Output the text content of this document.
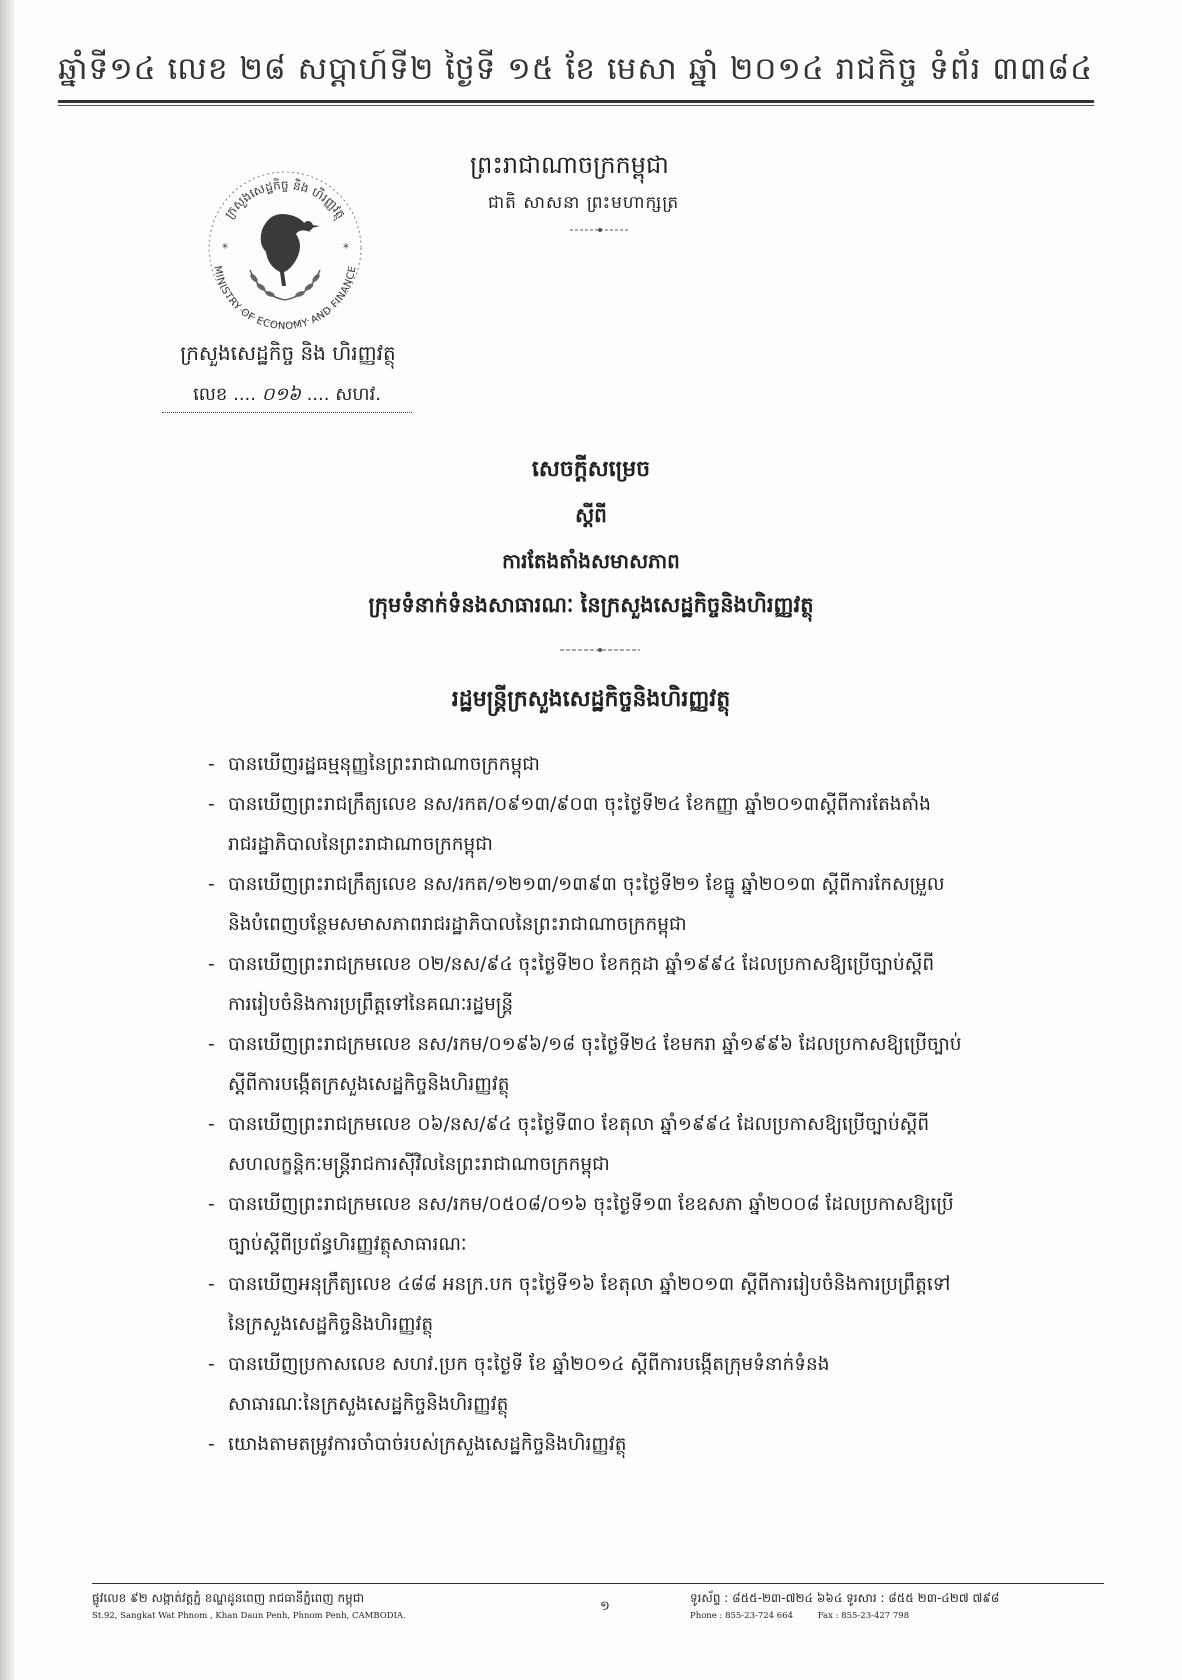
ឆ្នាំទី១៤ លេខ ២៨ សប្តាហ៍ទី២ ថ្ងៃទី ១៥ ខែ មេសា ឆ្នាំ ២០១៤ រាជកិច្ច ទំព័រ ៣៣៨៤
ក្រសួងសេដ្ឋកិច្ច និង ហិរញ្ញវត្ថុ
MINISTRY OF ECONOMY AND FINANCE
*	*
ក្រសួងសេដ្ឋកិច្ច និង ហិរញ្ញវត្ថុ
លេខ .... ០១៦ .... សហវ.
ព្រះរាជាណាចក្រកម្ពុជា
ជាតិ សាសនា ព្រះមហាក្សត្រ
សេចក្តីសម្រេច
ស្តីពី
ការតែងតាំងសមាសភាព
ក្រុមទំនាក់ទំនងសាធារណៈ នៃក្រសួងសេដ្ឋកិច្ចនិងហិរញ្ញវត្ថុ
រដ្ឋមន្ត្រីក្រសួងសេដ្ឋកិច្ចនិងហិរញ្ញវត្ថុ
- បានឃើញរដ្ឋធម្មនុញ្ញនៃព្រះរាជាណាចក្រកម្ពុជា
- បានឃើញព្រះរាជក្រឹត្យលេខ នស/រកត/០៩១៣/៩០៣ ចុះថ្ងៃទី២៤ ខែកញ្ញា ឆ្នាំ២០១៣ស្តីពីការតែងតាំង
រាជរដ្ឋាភិបាលនៃព្រះរាជាណាចក្រកម្ពុជា
- បានឃើញព្រះរាជក្រឹត្យលេខ នស/រកត/១២១៣/១៣៩៣ ចុះថ្ងៃទី២១ ខែធ្នូ ឆ្នាំ២០១៣ ស្តីពីការកែសម្រួល
និងបំពេញបន្ថែមសមាសភាពរាជរដ្ឋាភិបាលនៃព្រះរាជាណាចក្រកម្ពុជា
- បានឃើញព្រះរាជក្រមលេខ ០២/នស/៩៤ ចុះថ្ងៃទី២០ ខែកក្កដា ឆ្នាំ១៩៩៤ ដែលប្រកាសឱ្យប្រើច្បាប់ស្តីពី
ការរៀបចំនិងការប្រព្រឹត្តទៅនៃគណៈរដ្ឋមន្ត្រី
- បានឃើញព្រះរាជក្រមលេខ នស/រកម/០១៩៦/១៨ ចុះថ្ងៃទី២៤ ខែមករា ឆ្នាំ១៩៩៦ ដែលប្រកាសឱ្យប្រើច្បាប់
ស្តីពីការបង្កើតក្រសួងសេដ្ឋកិច្ចនិងហិរញ្ញវត្ថុ
- បានឃើញព្រះរាជក្រមលេខ ០៦/នស/៩៤ ចុះថ្ងៃទី៣០ ខែតុលា ឆ្នាំ១៩៩៤ ដែលប្រកាសឱ្យប្រើច្បាប់ស្តីពី
សហលក្ខន្តិកៈមន្ត្រីរាជការស៊ីវិលនៃព្រះរាជាណាចក្រកម្ពុជា
- បានឃើញព្រះរាជក្រមលេខ នស/រកម/០៥០៨/០១៦ ចុះថ្ងៃទី១៣ ខែឧសភា ឆ្នាំ២០០៨ ដែលប្រកាសឱ្យប្រើ
ច្បាប់ស្តីពីប្រព័ន្ធហិរញ្ញវត្ថុសាធារណៈ
- បានឃើញអនុក្រឹត្យលេខ ៤៨៨ អនក្រ.បក ចុះថ្ងៃទី១៦ ខែតុលា ឆ្នាំ២០១៣ ស្តីពីការរៀបចំនិងការប្រព្រឹត្តទៅ
នៃក្រសួងសេដ្ឋកិច្ចនិងហិរញ្ញវត្ថុ
- បានឃើញប្រកាសលេខ សហវ.ប្រក ចុះថ្ងៃទី ខែ ឆ្នាំ២០១៤ ស្តីពីការបង្កើតក្រុមទំនាក់ទំនង
សាធារណៈនៃក្រសួងសេដ្ឋកិច្ចនិងហិរញ្ញវត្ថុ
- យោងតាមតម្រូវការចាំបាច់របស់ក្រសួងសេដ្ឋកិច្ចនិងហិរញ្ញវត្ថុ
ផ្លូវលេខ ៩២ សង្កាត់វត្តភ្នំ ខណ្ឌដូនពេញ រាជធានីភ្នំពេញ កម្ពុជា
St.92, Sangkat Wat Phnom , Khan Daun Penh, Phnom Penh, CAMBODIA.
១
ទូរស័ព្ទ : ៨៥៥-២៣-៧២៤ ៦៦៤ ទូរសារ : ៨៥៥ ២៣-៤២៧ ៧៩៨
Phone : 855-23-724 664	Fax : 855-23-427 798
